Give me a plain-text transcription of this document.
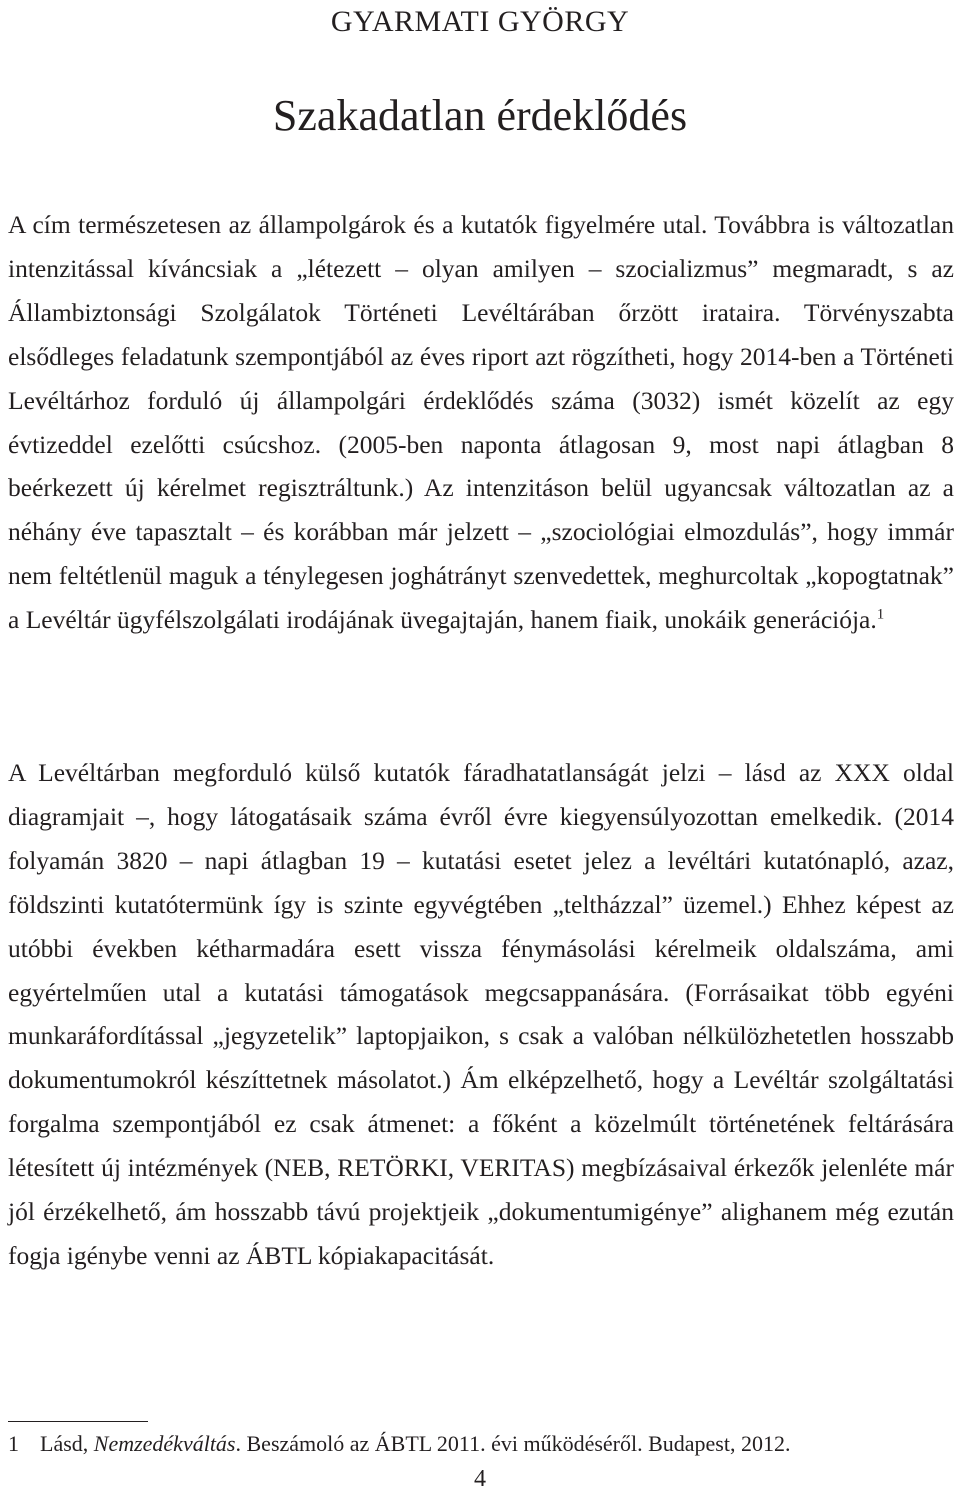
GYARMATI GYÖRGY
Szakadatlan érdeklődés

A cím természetesen az állampolgárok és a kutatók figyelmére utal. Továbbra is változatlan intenzitással kíváncsiak a „létezett – olyan amilyen – szocializmus” megmaradt, s az Állambiztonsági Szolgálatok Történeti Levéltárában őrzött irataira. Törvényszabta elsődleges feladatunk szempontjából az éves riport azt rögzítheti, hogy 2014-ben a Történeti Levéltárhoz forduló új állampolgári érdeklődés száma (3032) ismét közelít az egy évtizeddel ezelőtti csúcshoz. (2005-ben naponta átlagosan 9, most napi átlagban 8 beérkezett új kérelmet regisztráltunk.) Az intenzitáson belül ugyancsak változatlan az a néhány éve tapasztalt – és korábban már jelzett – „szociológiai elmozdulás”, hogy immár nem feltétlenül maguk a ténylegesen joghátrányt szenvedettek, meghurcoltak „kopogtatnak” a Levéltár ügyfélszolgálati irodájának üvegajtaján, hanem fiaik, unokáik generációja.$^1$

A Levéltárban megforduló külső kutatók fáradhatatlanságát jelzi – lásd az XXX oldal diagramjait –, hogy látogatásaik száma évről évre kiegyensúlyozottan emelkedik. (2014 folyamán 3820 – napi átlagban 19 – kutatási esetet jelez a levéltári kutatónapló, azaz, földszinti kutatótermünk így is szinte egyvégtében „teltházzal” üzemel.) Ehhez képest az utóbbi években kétharmadára esett vissza fénymásolási kérelmeik oldalszáma, ami egyértelműen utal a kutatási támogatások megcsappanására. (Forrásaikat több egyéni munkaráfordítással „jegyzetelik” laptopjaikon, s csak a valóban nélkülözhetetlen hosszabb dokumentumokról készíttetnek másolatot.) Ám elképzelhető, hogy a Levéltár szolgáltatási forgalma szempontjából ez csak átmenet: a főként a közelmúlt történetének feltárására létesített új intézmények (NEB, RETÖRKI, VERITAS) megbízásaival érkezők jelenléte már jól érzékelhető, ám hosszabb távú projektjeik „dokumentumigénye” alighanem még ezután fogja igénybe venni az ÁBTL kópiakapacitását.

1 Lásd, Nemzedékváltás. Beszámoló az ÁBTL 2011. évi működéséről. Budapest, 2012.

4
